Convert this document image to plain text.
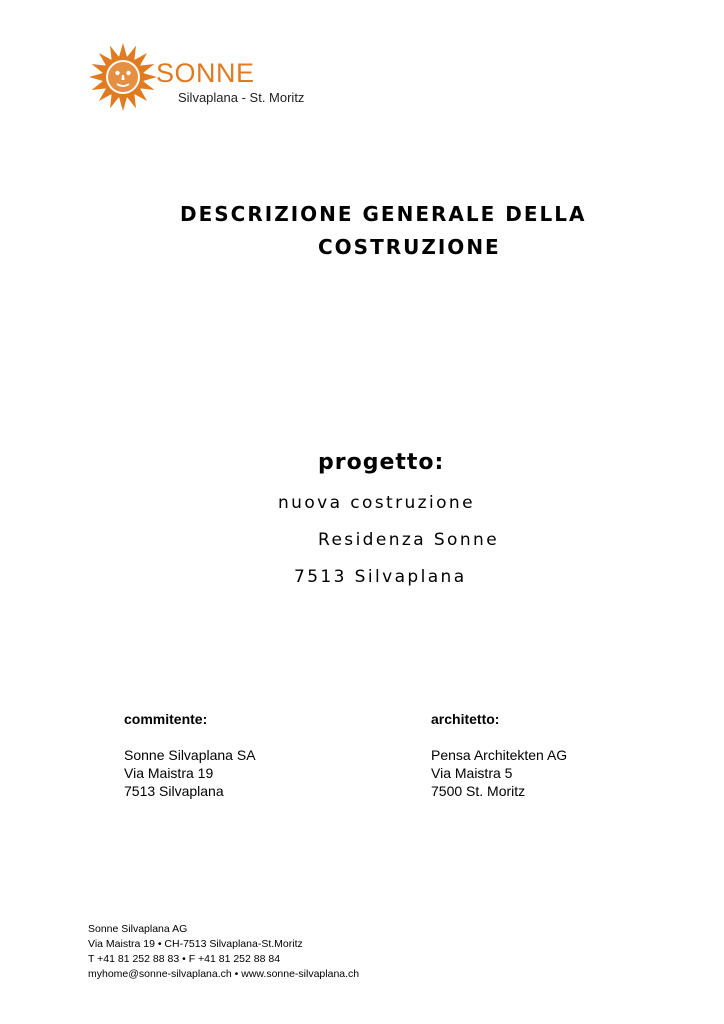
SONNE
Silvaplana - St. Moritz
DESCRIZIONE GENERALE DELLA
COSTRUZIONE
progetto:
nuova costruzione
Residenza Sonne
7513 Silvaplana
commitente:
Sonne Silvaplana SA
Via Maistra 19
7513 Silvaplana
architetto:
Pensa Architekten AG
Via Maistra 5
7500 St. Moritz
Sonne Silvaplana AG
Via Maistra 19 • CH-7513 Silvaplana-St.Moritz
T +41 81 252 88 83 • F +41 81 252 88 84
myhome@sonne-silvaplana.ch • www.sonne-silvaplana.ch
